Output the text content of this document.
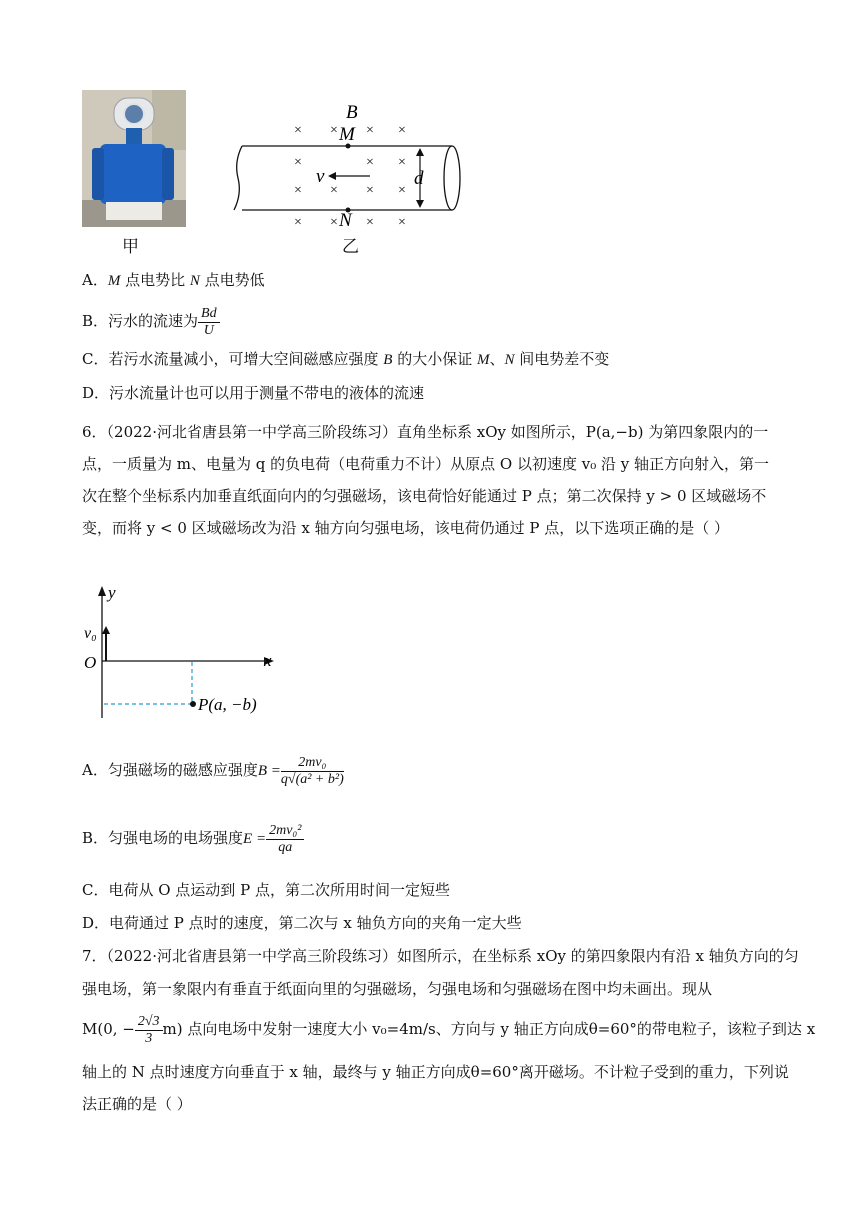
甲
× × × ×
×	× ×
× × × ×
× × × ×
B
M
N
v	d
乙
A．M 点电势比 N 点电势低
B．污水的流速为 $\frac{Bd}{U}$
C．若污水流量减小，可增大空间磁感应强度 B 的大小保证 M、N 间电势差不变
D．污水流量计也可以用于测量不带电的液体的流速
6．（2022·河北省唐县第一中学高三阶段练习）直角坐标系 xOy 如图所示，P(a,−b) 为第四象限内的一点，一质量为 m、电量为 q 的负电荷（电荷重力不计）从原点 O 以初速度 v₀ 沿 y 轴正方向射入，第一次在整个坐标系内加垂直纸面向内的匀强磁场，该电荷恰好能通过 P 点；第二次保持 y > 0 区域磁场不变，而将 y < 0 区域磁场改为沿 x 轴方向匀强电场，该电荷仍通过 P 点，以下选项正确的是（ ）
y
x
O
v₀
P(a, −b)
A．匀强磁场的磁感应强度$B = \frac{\text{2mv₀}}{\text{q√(a² + b²)}}$
B．匀强电场的电场强度$E = \frac{\text{2mv₀²}}{qa}$
C．电荷从 O 点运动到 P 点，第二次所用时间一定短些
D．电荷通过 P 点时的速度，第二次与 x 轴负方向的夹角一定大些
7．（2022·河北省唐县第一中学高三阶段练习）如图所示，在坐标系 xOy 的第四象限内有沿 x 轴负方向的匀
强电场，第一象限内有垂直于纸面向里的匀强磁场，匀强电场和匀强磁场在图中均未画出。现从
M(0, − $\frac{2√3}{3} m$) 点向电场中发射一速度大小 v₀=4m/s、方向与 y 轴正方向成θ=60°的带电粒子，该粒子到达 x
轴上的 N 点时速度方向垂直于 x 轴，最终与 y 轴正方向成θ=60°离开磁场。不计粒子受到的重力，下列说
法正确的是（ ）
